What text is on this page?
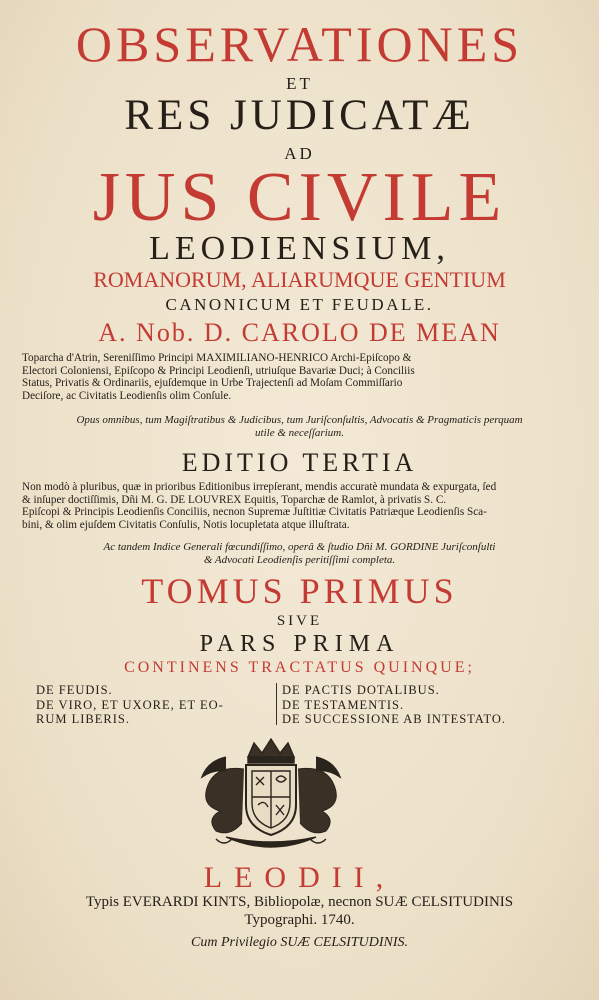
OBSERVATIONES
ET
RES JUDICATÆ
AD
JUS CIVILE
LEODIENSIUM,
ROMANORUM, ALIARUMQUE GENTIUM
CANONICUM ET FEUDALE.
A. Nob. D. CAROLO DE MEAN
Toparcha d'Atrin, Sereniſſimo Principi MAXIMILIANO-HENRICO Archi-Epiſcopo &
Electori Coloniensi, Epiſcopo & Principi Leodienſi, utriuſque Bavariæ Duci; à Conciliis
Status, Privatis & Ordinariis, ejuſdemque in Urbe Trajectenſi ad Moſam Commiſſario
Deciſore, ac Civitatis Leodienſis olim Conſule.
Opus omnibus, tum Magiſtratibus & Judicibus, tum Juriſconſultis, Advocatis & Pragmaticis perquam
utile & neceſſarium.
EDITIO TERTIA
Non modò à pluribus, quæ in prioribus Editionibus irrepſerant, mendis accuratè mundata & expurgata, ſed
& inſuper doctiſſimis, Dñi M. G. DE LOUVREX Equitis, Toparchæ de Ramlot, à privatis S. C.
Epiſcopi & Principis Leodienſis Conciliis, necnon Supremæ Juſtitiæ Civitatis Patriæque Leodienſis Sca-
bini, & olim ejuſdem Civitatis Conſulis, Notis locupletata atque illuſtrata.
Ac tandem Indice Generali fœcundiſſimo, operâ & ſtudio Dñi M. GORDINE Juriſconſulti
& Advocati Leodienſis peritiſſimi completa.
TOMUS PRIMUS
SIVE
PARS PRIMA
CONTINENS TRACTATUS QUINQUE;
DE FEUDIS.
DE VIRO, ET UXORE, ET EO-
RUM LIBERIS.
DE PACTIS DOTALIBUS.
DE TESTAMENTIS.
DE SUCCESSIONE AB INTESTATO.
LEODII,
Typis EVERARDI KINTS, Bibliopolæ, necnon SUÆ CELSITUDINIS
Typographi. 1740.
Cum Privilegio SUÆ CELSITUDINIS.
